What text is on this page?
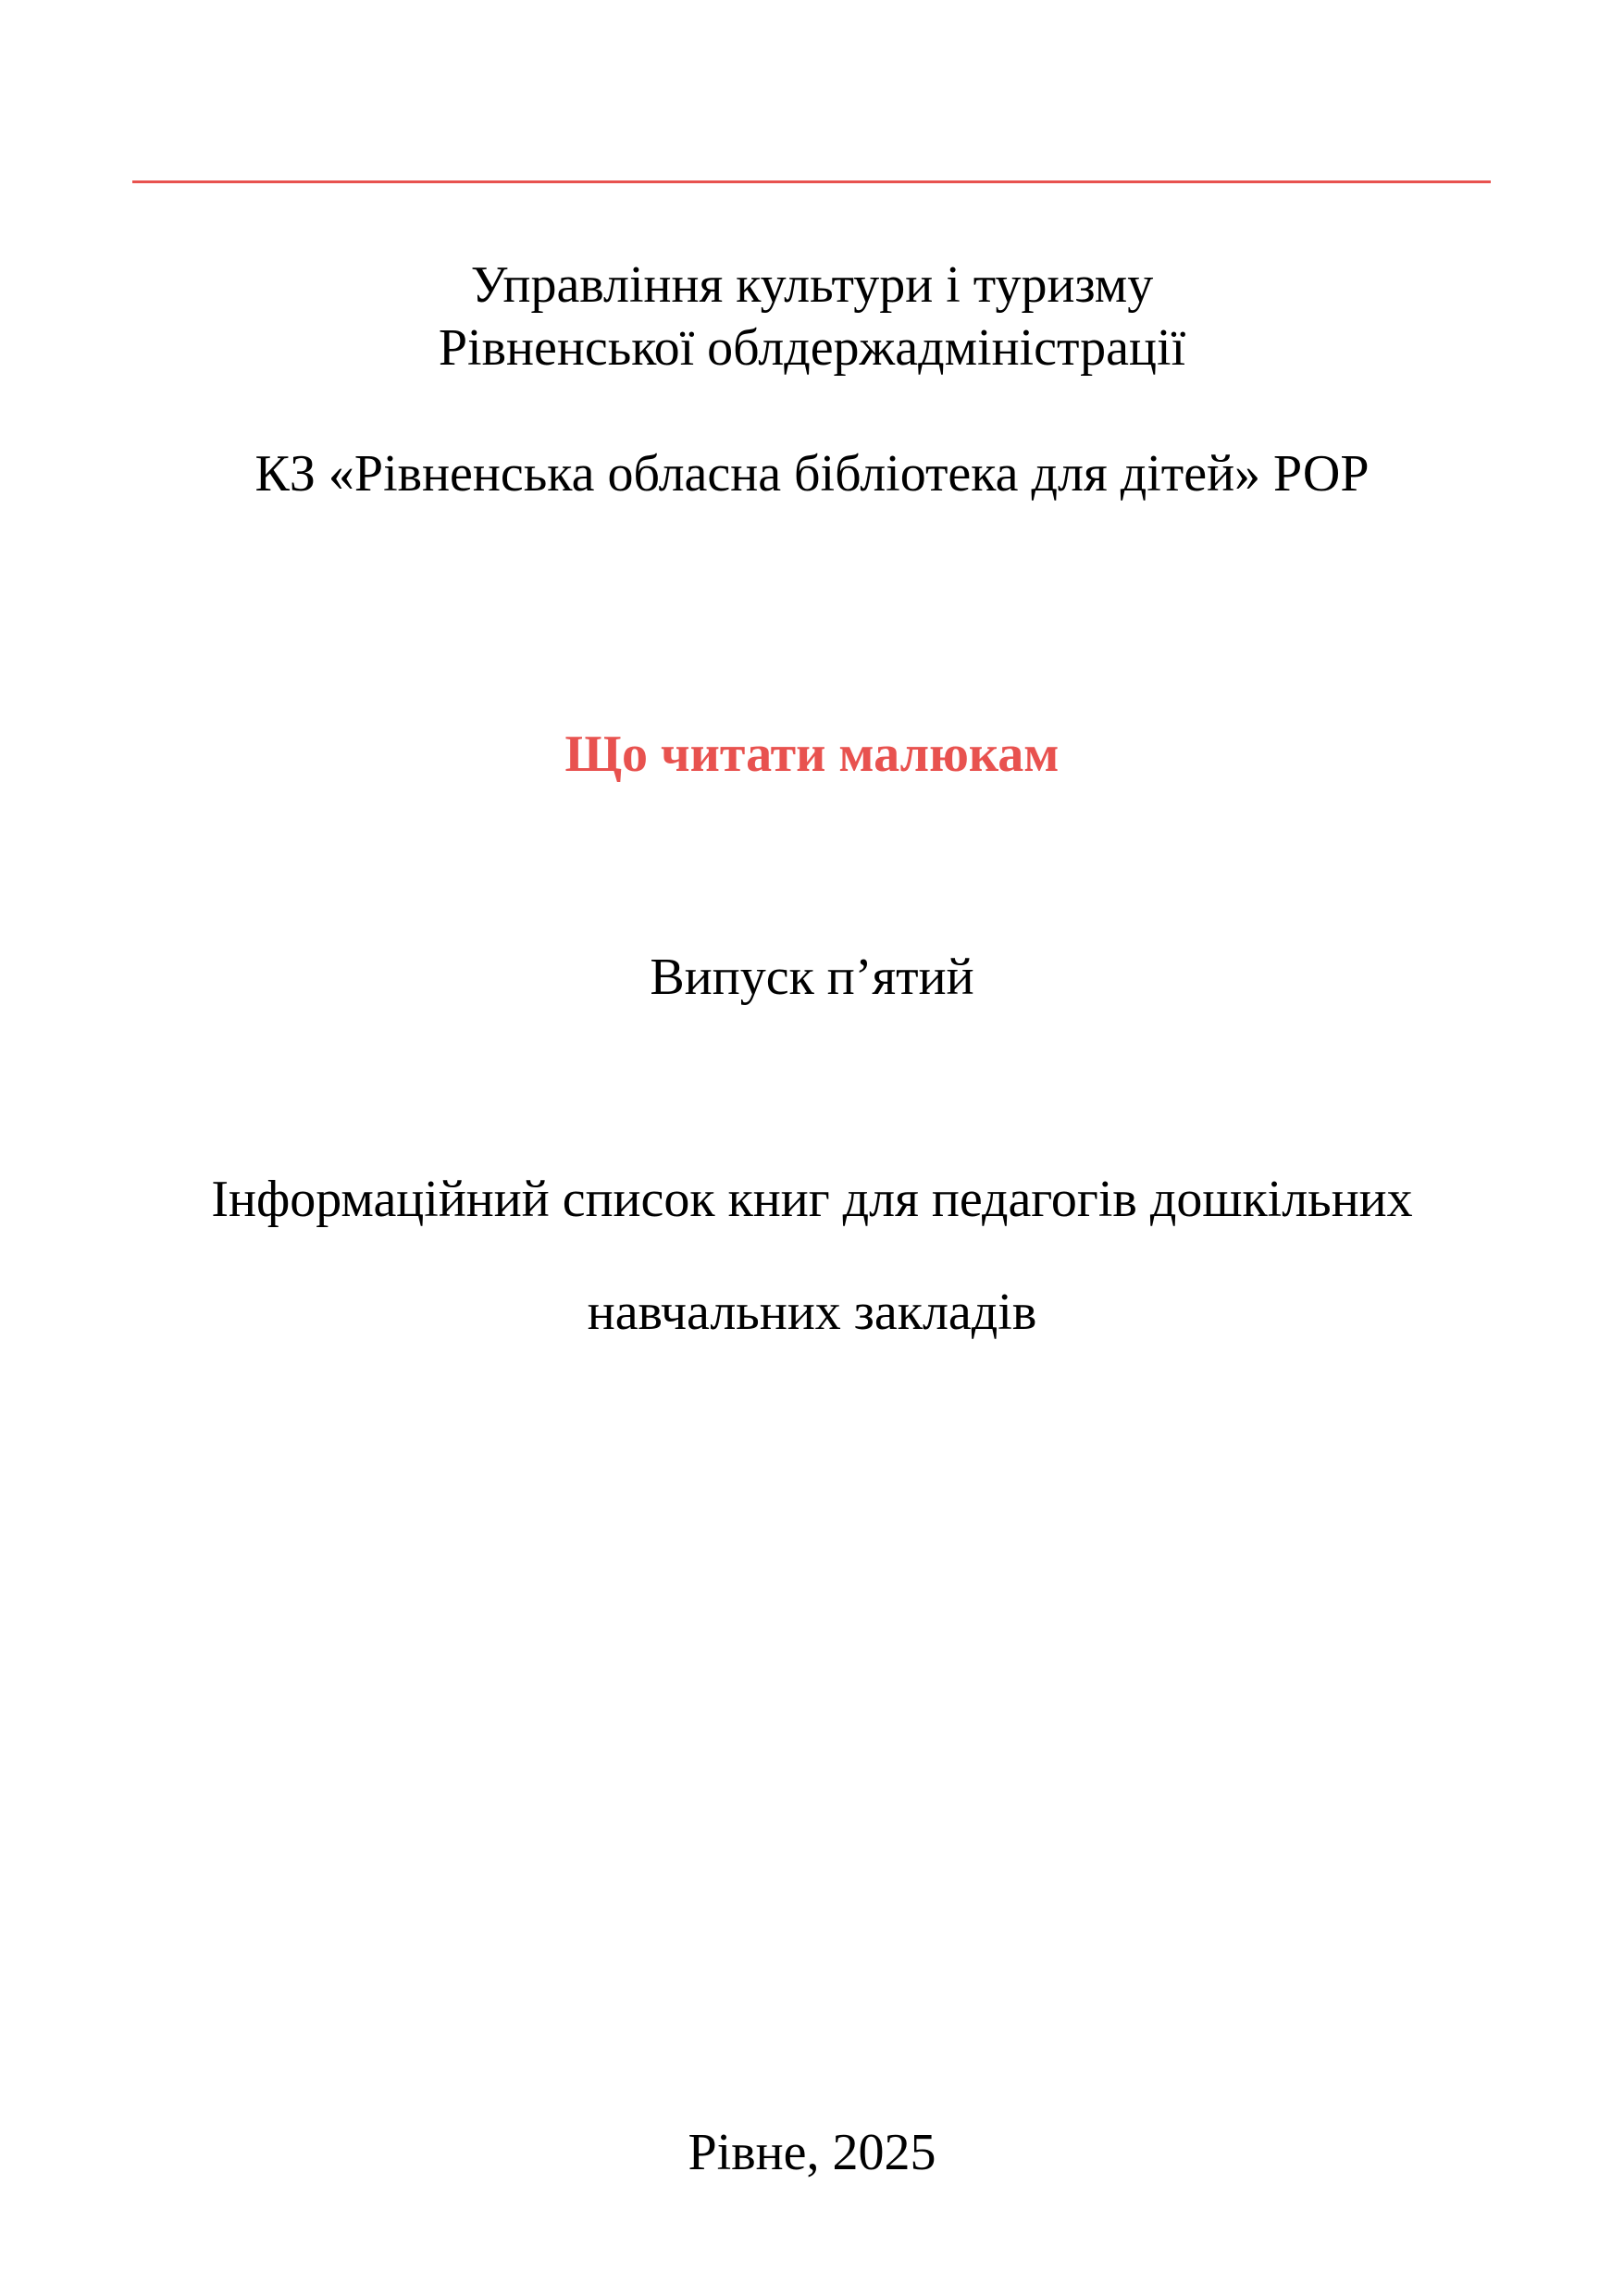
Управління культури і туризму
Рівненської облдержадміністрації
КЗ «Рівненська обласна бібліотека для дітей» РОР
Що читати малюкам
Випуск п’ятий
Інформаційний список книг для педагогів дошкільних
навчальних закладів
Рівне, 2025
